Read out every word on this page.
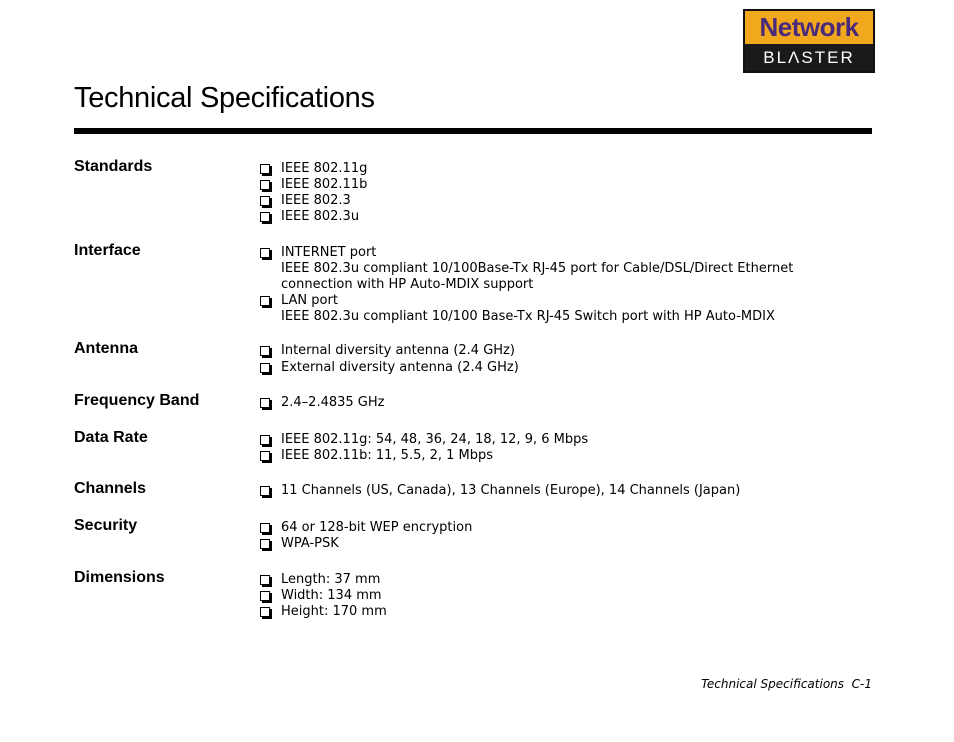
Network
BLΛSTER
Technical Specifications
Standards	IEEE 802.11g
IEEE 802.11b
IEEE 802.3
IEEE 802.3u
Interface	INTERNET port
IEEE 802.3u compliant 10/100Base-Tx RJ-45 port for Cable/DSL/Direct Ethernet connection with HP Auto-MDIX support
LAN port
IEEE 802.3u compliant 10/100 Base-Tx RJ-45 Switch port with HP Auto-MDIX
Antenna	Internal diversity antenna (2.4 GHz)
External diversity antenna (2.4 GHz)
Frequency Band	2.4–2.4835 GHz
Data Rate	IEEE 802.11g: 54, 48, 36, 24, 18, 12, 9, 6 Mbps
IEEE 802.11b: 11, 5.5, 2, 1 Mbps
Channels	11 Channels (US, Canada), 13 Channels (Europe), 14 Channels (Japan)
Security	64 or 128-bit WEP encryption
WPA-PSK
Dimensions	Length: 37 mm
Width: 134 mm
Height: 170 mm
Technical Specifications  C-1
